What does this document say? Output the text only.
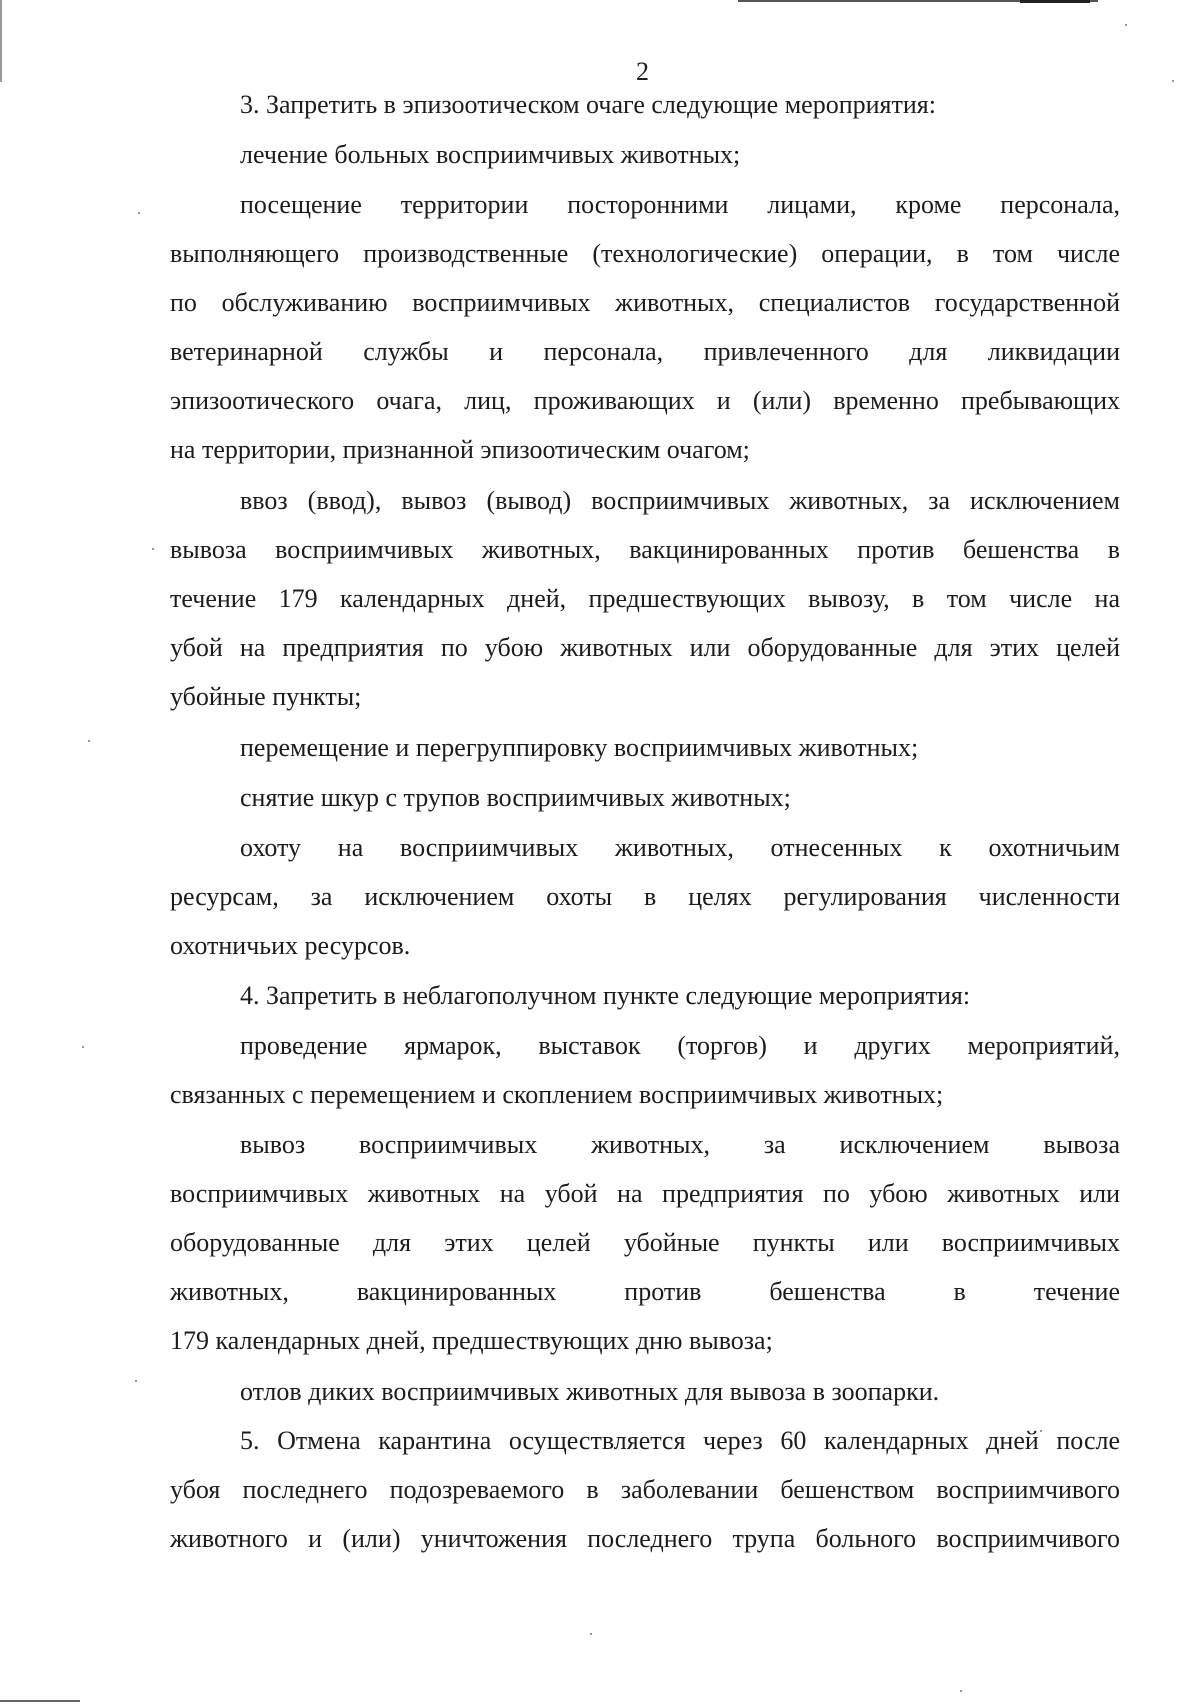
2
3. Запретить в эпизоотическом очаге следующие мероприятия:
лечение больных восприимчивых животных;
посещение территории посторонними лицами, кроме персонала,
выполняющего производственные (технологические) операции, в том числе
по обслуживанию восприимчивых животных, специалистов государственной
ветеринарной службы и персонала, привлеченного для ликвидации
эпизоотического очага, лиц, проживающих и (или) временно пребывающих
на территории, признанной эпизоотическим очагом;
ввоз (ввод), вывоз (вывод) восприимчивых животных, за исключением
вывоза восприимчивых животных, вакцинированных против бешенства в
течение 179 календарных дней, предшествующих вывозу, в том числе на
убой на предприятия по убою животных или оборудованные для этих целей
убойные пункты;
перемещение и перегруппировку восприимчивых животных;
снятие шкур с трупов восприимчивых животных;
охоту на восприимчивых животных, отнесенных к охотничьим
ресурсам, за исключением охоты в целях регулирования численности
охотничьих ресурсов.
4. Запретить в неблагополучном пункте следующие мероприятия:
проведение ярмарок, выставок (торгов) и других мероприятий,
связанных с перемещением и скоплением восприимчивых животных;
вывоз восприимчивых животных, за исключением вывоза
восприимчивых животных на убой на предприятия по убою животных или
оборудованные для этих целей убойные пункты или восприимчивых
животных, вакцинированных против бешенства в течение
179 календарных дней, предшествующих дню вывоза;
отлов диких восприимчивых животных для вывоза в зоопарки.
5. Отмена карантина осуществляется через 60 календарных дней после
убоя последнего подозреваемого в заболевании бешенством восприимчивого
животного и (или) уничтожения последнего трупа больного восприимчивого
